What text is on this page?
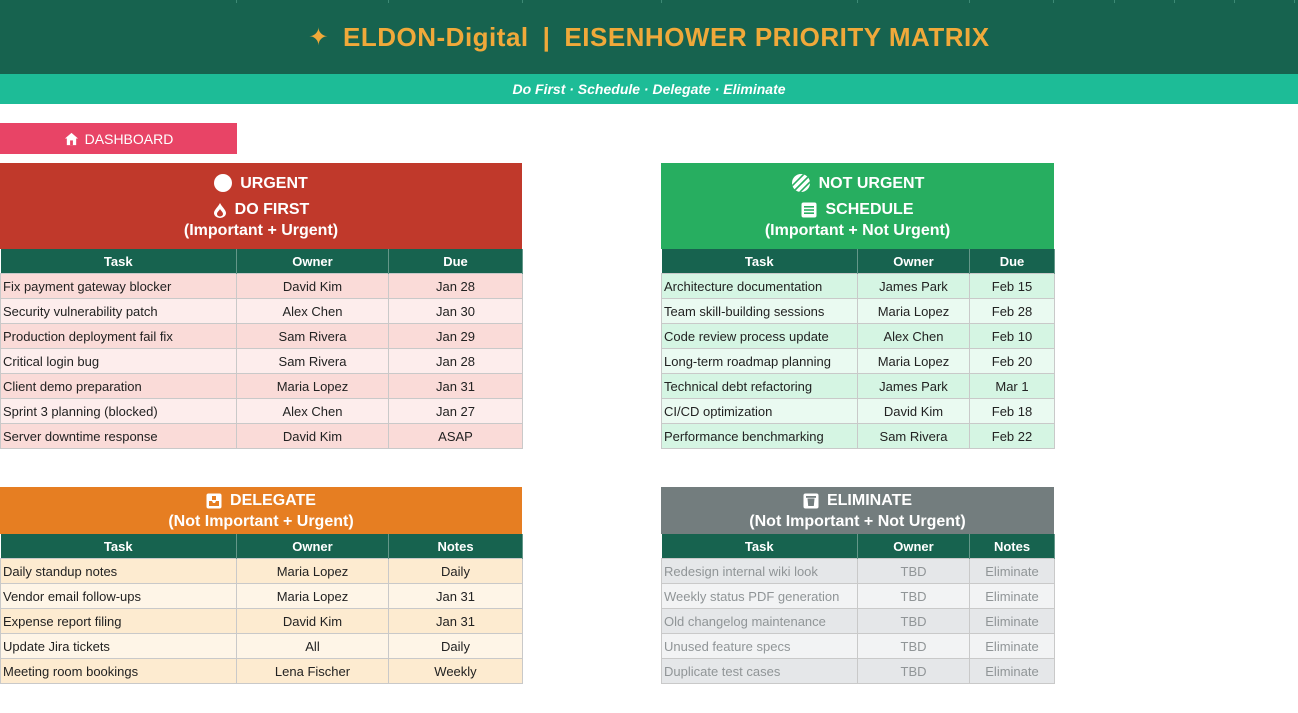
✦ ELDON-Digital | EISENHOWER PRIORITY MATRIX
Do First · Schedule · Delegate · Eliminate
DASHBOARD
URGENT
DO FIRST
(Important + Urgent)
Task	Owner	Due
Fix payment gateway blocker	David Kim	Jan 28
Security vulnerability patch	Alex Chen	Jan 30
Production deployment fail fix	Sam Rivera	Jan 29
Critical login bug	Sam Rivera	Jan 28
Client demo preparation	Maria Lopez	Jan 31
Sprint 3 planning (blocked)	Alex Chen	Jan 27
Server downtime response	David Kim	ASAP
NOT URGENT
SCHEDULE
(Important + Not Urgent)
Task	Owner	Due
Architecture documentation	James Park	Feb 15
Team skill-building sessions	Maria Lopez	Feb 28
Code review process update	Alex Chen	Feb 10
Long-term roadmap planning	Maria Lopez	Feb 20
Technical debt refactoring	James Park	Mar 1
CI/CD optimization	David Kim	Feb 18
Performance benchmarking	Sam Rivera	Feb 22
DELEGATE
(Not Important + Urgent)
Task	Owner	Notes
Daily standup notes	Maria Lopez	Daily
Vendor email follow-ups	Maria Lopez	Jan 31
Expense report filing	David Kim	Jan 31
Update Jira tickets	All	Daily
Meeting room bookings	Lena Fischer	Weekly
ELIMINATE
(Not Important + Not Urgent)
Task	Owner	Notes
Redesign internal wiki look	TBD	Eliminate
Weekly status PDF generation	TBD	Eliminate
Old changelog maintenance	TBD	Eliminate
Unused feature specs	TBD	Eliminate
Duplicate test cases	TBD	Eliminate
